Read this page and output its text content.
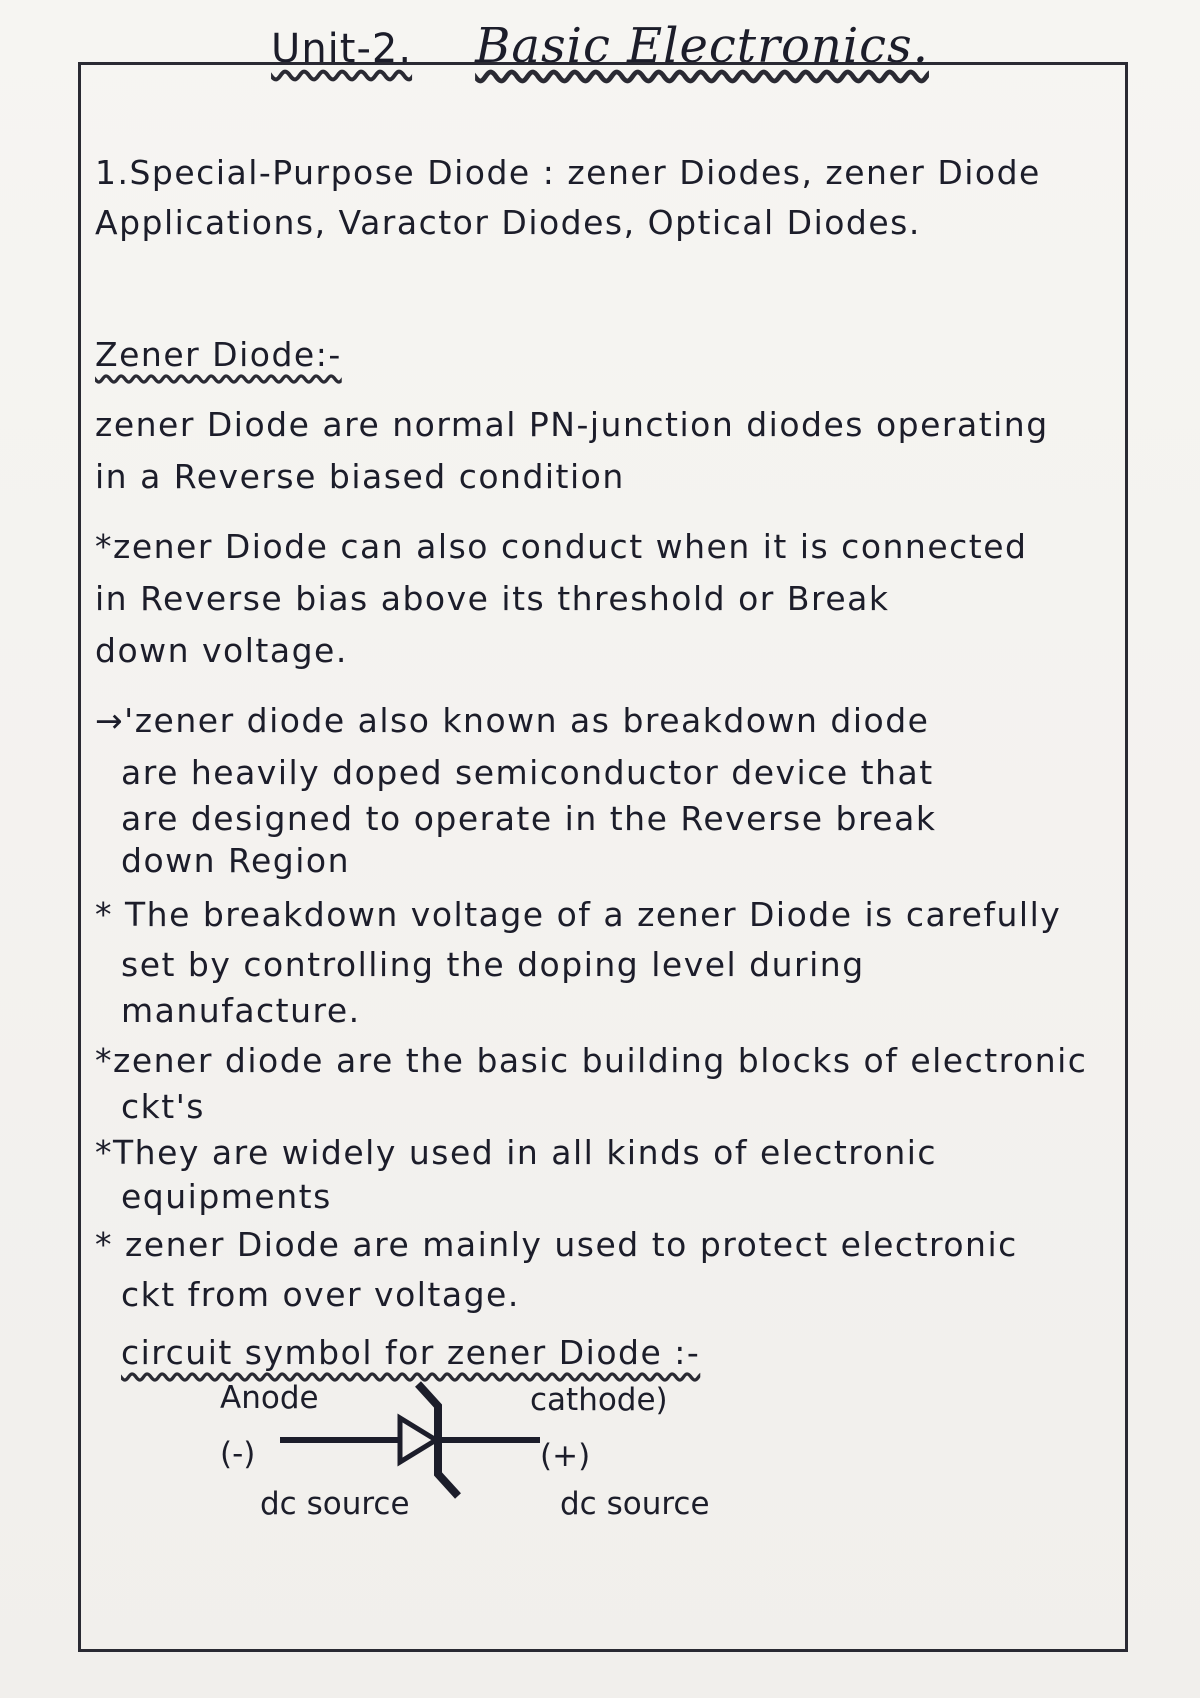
Unit-2. Basic Electronics.
1.Special-Purpose Diode : zener Diodes, zener Diode
Applications, Varactor Diodes, Optical Diodes.
Zener Diode:-
zener Diode are normal PN-junction diodes operating
in a Reverse biased condition
*zener Diode can also conduct when it is connected
in Reverse bias above its threshold or Break
down voltage.
→'zener diode also known as breakdown diode
are heavily doped semiconductor device that
are designed to operate in the Reverse break
down Region
* The breakdown voltage of a zener Diode is carefully
set by controlling the doping level during
manufacture.
*zener diode are the basic building blocks of electronic
ckt's
*They are widely used in all kinds of electronic
equipments
* zener Diode are mainly used to protect electronic
ckt from over voltage.
circuit symbol for zener Diode :-
Anode	cathode)
(-)	(+)
dc source	dc source
